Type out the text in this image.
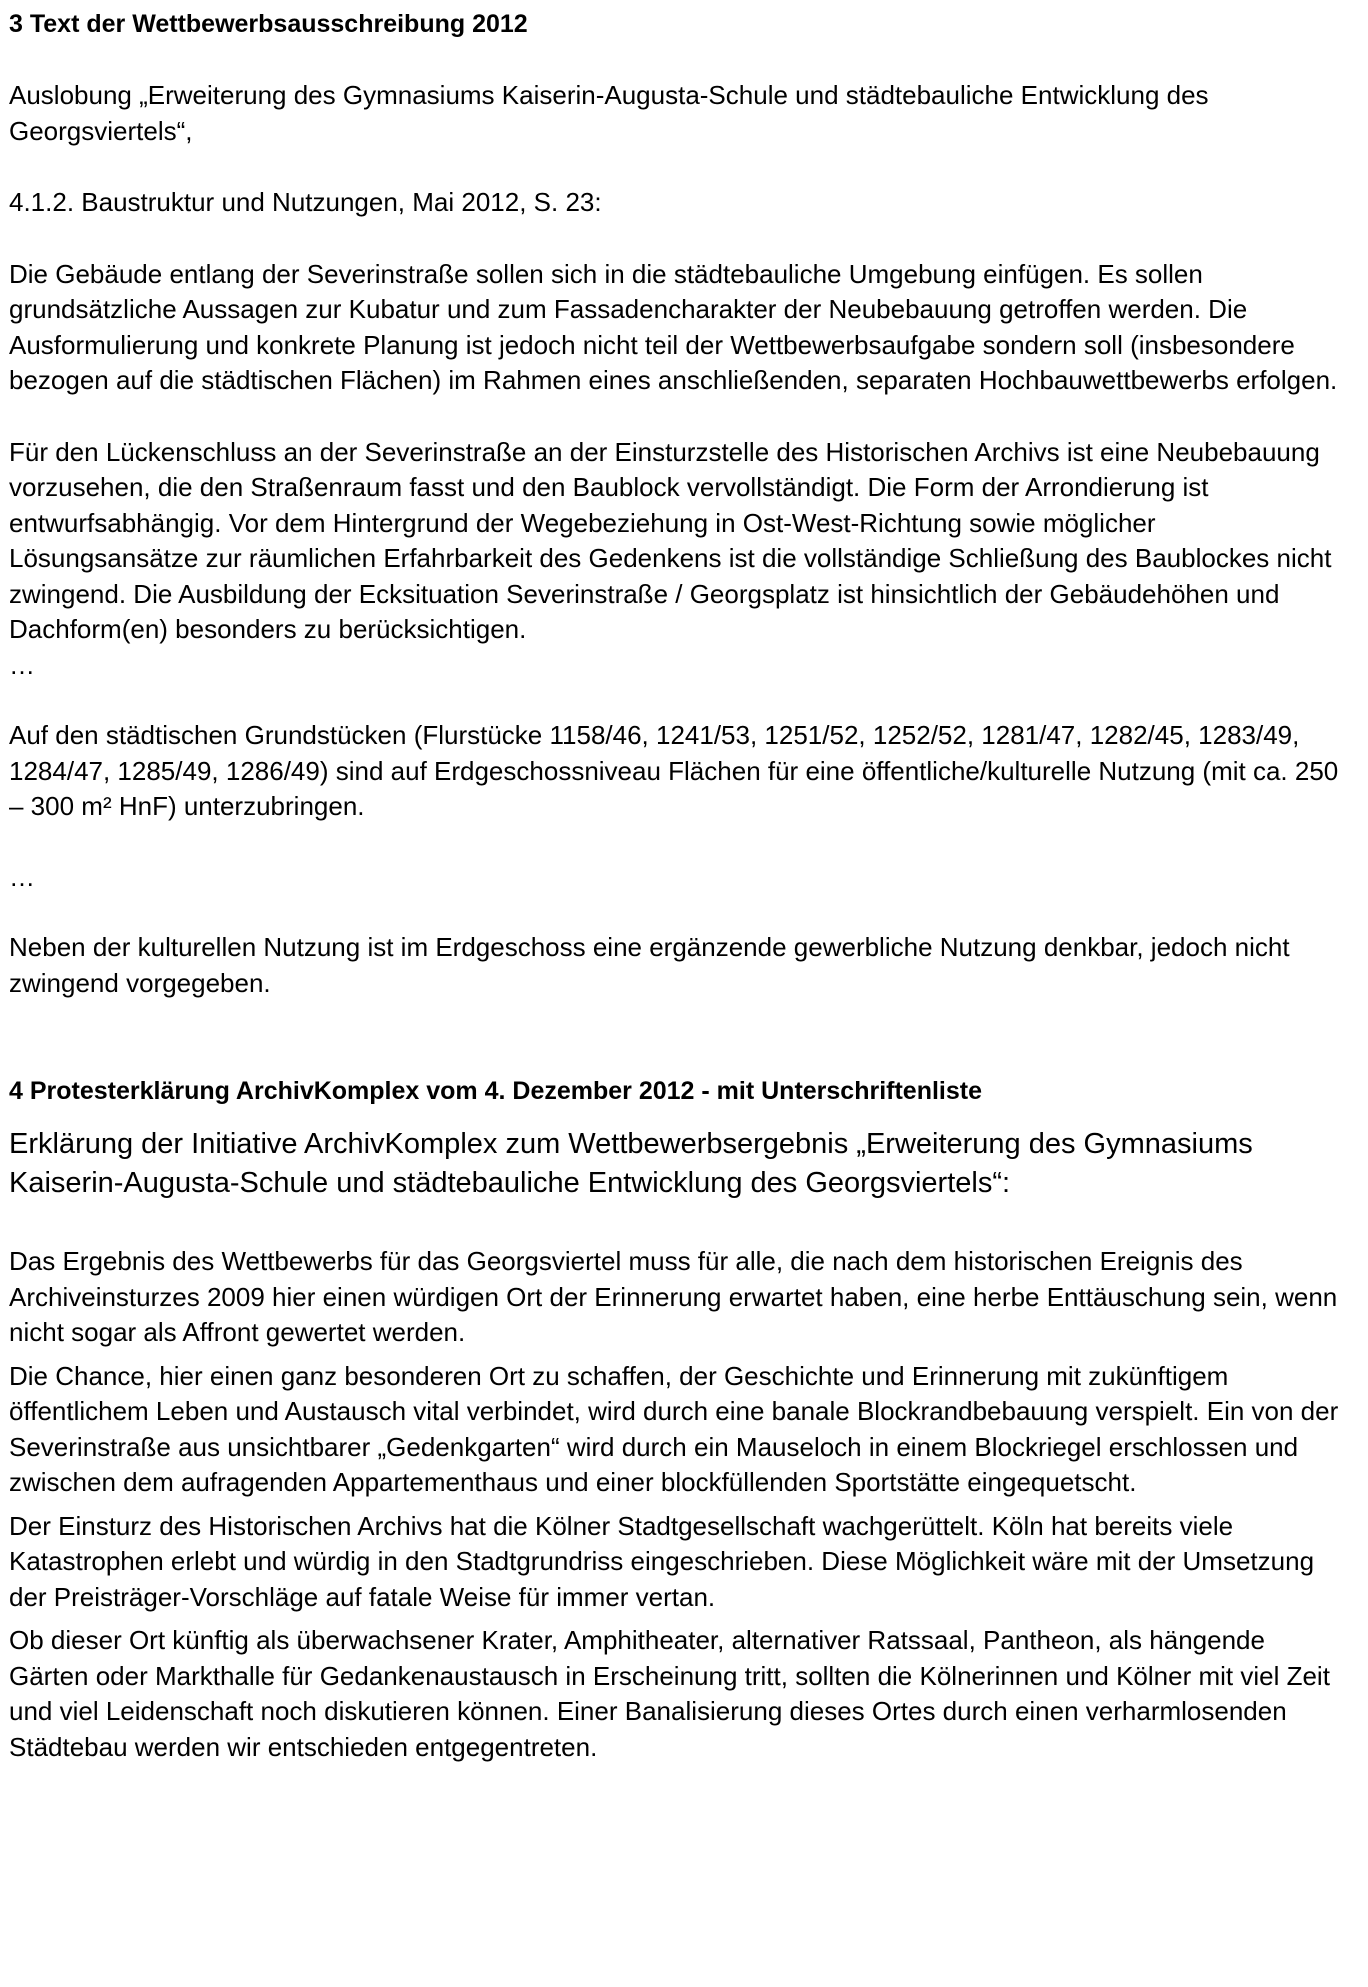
3 Text der Wettbewerbsausschreibung 2012

Auslobung „Erweiterung des Gymnasiums Kaiserin-Augusta-Schule und städtebauliche Entwicklung des Georgsviertels“,

4.1.2. Baustruktur und Nutzungen, Mai 2012, S. 23:

Die Gebäude entlang der Severinstraße sollen sich in die städtebauliche Umgebung einfügen. Es sollen grundsätzliche Aussagen zur Kubatur und zum Fassadencharakter der Neubebauung getroffen werden. Die Ausformulierung und konkrete Planung ist jedoch nicht teil der Wettbewerbsaufgabe sondern soll (insbesondere bezogen auf die städtischen Flächen) im Rahmen eines anschließenden, separaten Hochbauwettbewerbs erfolgen.

Für den Lückenschluss an der Severinstraße an der Einsturzstelle des Historischen Archivs ist eine Neubebauung vorzusehen, die den Straßenraum fasst und den Baublock vervollständigt. Die Form der Arrondierung ist entwurfsabhängig. Vor dem Hintergrund der Wegebeziehung in Ost-West-Richtung sowie möglicher Lösungsansätze zur räumlichen Erfahrbarkeit des Gedenkens ist die vollständige Schließung des Baublockes nicht zwingend. Die Ausbildung der Ecksituation Severinstraße / Georgsplatz ist hinsichtlich der Gebäudehöhen und Dachform(en) besonders zu berücksichtigen.

…

Auf den städtischen Grundstücken (Flurstücke 1158/46, 1241/53, 1251/52, 1252/52, 1281/47, 1282/45, 1283/49, 1284/47, 1285/49, 1286/49) sind auf Erdgeschossniveau Flächen für eine öffentliche/kulturelle Nutzung (mit ca. 250 – 300 m² HnF) unterzubringen.

…

Neben der kulturellen Nutzung ist im Erdgeschoss eine ergänzende gewerbliche Nutzung denkbar, jedoch nicht zwingend vorgegeben.

4 Protesterklärung ArchivKomplex vom 4. Dezember 2012 - mit Unterschriftenliste

Erklärung der Initiative ArchivKomplex zum Wettbewerbsergebnis „Erweiterung des Gymnasiums Kaiserin-Augusta-Schule und städtebauliche Entwicklung des Georgsviertels“:

Das Ergebnis des Wettbewerbs für das Georgsviertel muss für alle, die nach dem historischen Ereignis des Archiveinsturzes 2009 hier einen würdigen Ort der Erinnerung erwartet haben, eine herbe Enttäuschung sein, wenn nicht sogar als Affront gewertet werden.

Die Chance, hier einen ganz besonderen Ort zu schaffen, der Geschichte und Erinnerung mit zukünftigem öffentlichem Leben und Austausch vital verbindet, wird durch eine banale Blockrandbebauung verspielt. Ein von der Severinstraße aus unsichtbarer „Gedenkgarten“ wird durch ein Mauseloch in einem Blockriegel erschlossen und zwischen dem aufragenden Appartementhaus und einer blockfüllenden Sportstätte eingequetscht.

Der Einsturz des Historischen Archivs hat die Kölner Stadtgesellschaft wachgerüttelt. Köln hat bereits viele Katastrophen erlebt und würdig in den Stadtgrundriss eingeschrieben. Diese Möglichkeit wäre mit der Umsetzung der Preisträger-Vorschläge auf fatale Weise für immer vertan.

Ob dieser Ort künftig als überwachsener Krater, Amphitheater, alternativer Ratssaal, Pantheon, als hängende Gärten oder Markthalle für Gedankenaustausch in Erscheinung tritt, sollten die Kölnerinnen und Kölner mit viel Zeit und viel Leidenschaft noch diskutieren können. Einer Banalisierung dieses Ortes durch einen verharmlosenden Städtebau werden wir entschieden entgegentreten.
